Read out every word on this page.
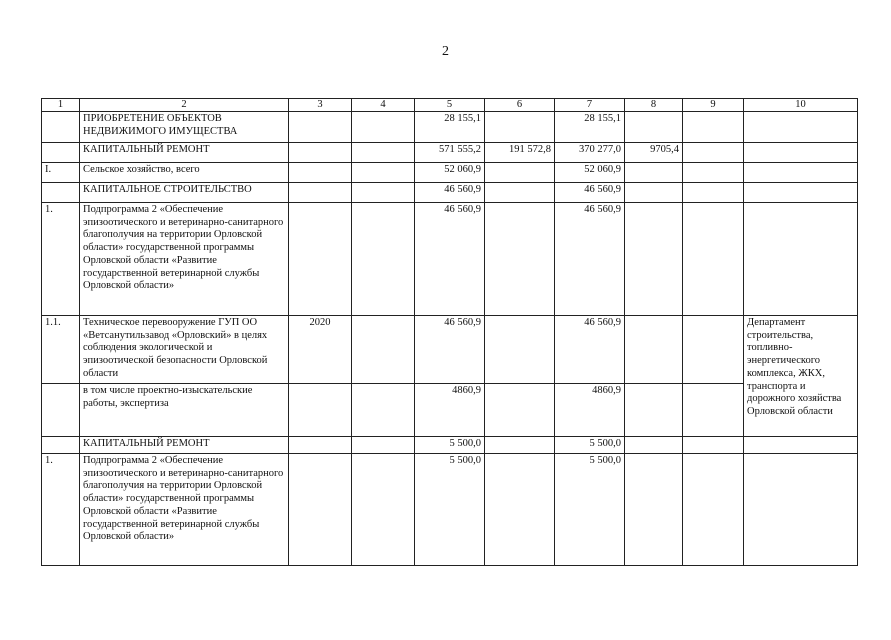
2
1	2	3	4	5	6	7	8	9	10
	ПРИОБРЕТЕНИЕ ОБЪЕКТОВ НЕДВИЖИМОГО ИМУЩЕСТВА			28 155,1		28 155,1			
	КАПИТАЛЬНЫЙ РЕМОНТ			571 555,2	191 572,8	370 277,0	9705,4		
I.	Сельское хозяйство, всего			52 060,9		52 060,9			
	КАПИТАЛЬНОЕ СТРОИТЕЛЬСТВО			46 560,9		46 560,9			
1.	Подпрограмма 2 «Обеспечение эпизоотического и ветеринарно-санитарного благополучия на территории Орловской области» государственной программы Орловской области «Развитие государственной ветеринарной службы Орловской области»			46 560,9		46 560,9			
1.1.	Техническое перевооружение ГУП ОО «Ветсанутильзавод «Орловский» в целях соблюдения экологической и эпизоотической безопасности Орловской области	2020		46 560,9		46 560,9			Департамент строительства, топливно-энергетического комплекса, ЖКХ, транспорта и дорожного хозяйства Орловской области
	в том числе проектно-изыскательские работы, экспертиза			4860,9		4860,9			
	КАПИТАЛЬНЫЙ РЕМОНТ			5 500,0		5 500,0			
1.	Подпрограмма 2 «Обеспечение эпизоотического и ветеринарно-санитарного благополучия на территории Орловской области» государственной программы Орловской области «Развитие государственной ветеринарной службы Орловской области»			5 500,0		5 500,0			
